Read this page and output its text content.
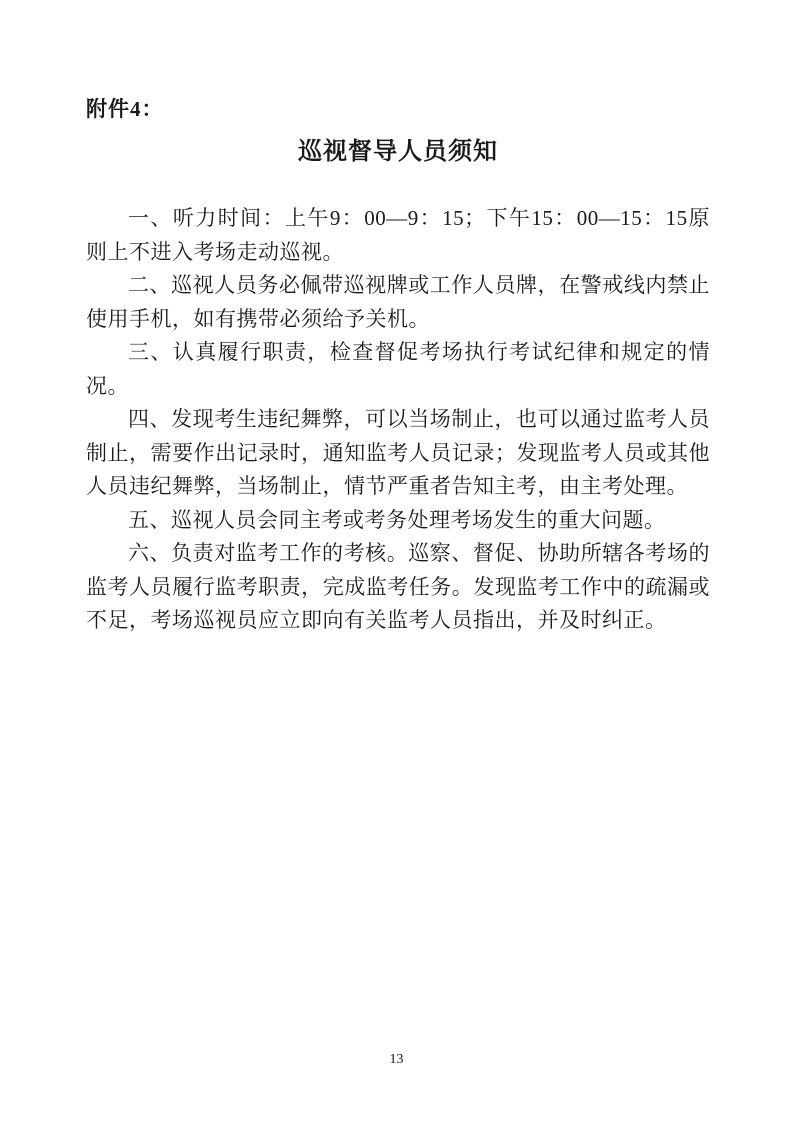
附件4：
巡视督导人员须知

一、听力时间：上午9：00—9：15；下午15：00—15：15原则上不进入考场走动巡视。

二、巡视人员务必佩带巡视牌或工作人员牌，在警戒线内禁止使用手机，如有携带必须给予关机。

三、认真履行职责，检查督促考场执行考试纪律和规定的情况。

四、发现考生违纪舞弊，可以当场制止，也可以通过监考人员制止，需要作出记录时，通知监考人员记录；发现监考人员或其他人员违纪舞弊，当场制止，情节严重者告知主考，由主考处理。

五、巡视人员会同主考或考务处理考场发生的重大问题。

六、负责对监考工作的考核。巡察、督促、协助所辖各考场的监考人员履行监考职责，完成监考任务。发现监考工作中的疏漏或不足，考场巡视员应立即向有关监考人员指出，并及时纠正。

13
